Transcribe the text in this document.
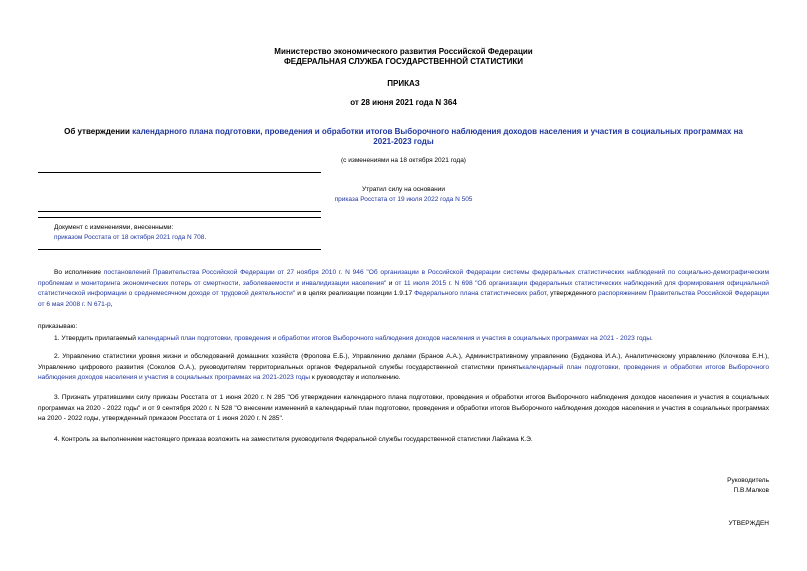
Министерство экономического развития Российской Федерации
ФЕДЕРАЛЬНАЯ СЛУЖБА ГОСУДАРСТВЕННОЙ СТАТИСТИКИ
ПРИКАЗ
от 28 июня 2021 года N 364
Об утверждении календарного плана подготовки, проведения и обработки итогов Выборочного наблюдения доходов населения и участия в социальных программах на 2021-2023 годы
(с изменениями на 18 октября 2021 года)
Утратил силу на основании
приказа Росстата от 19 июля 2022 года N 505
Документ с изменениями, внесенными:
приказом Росстата от 18 октября 2021 года N 708.
Во исполнение постановлений Правительства Российской Федерации от 27 ноября 2010 г. N 946 "Об организации в Российской Федерации системы федеральных статистических наблюдений по социально-демографическим проблемам и мониторинга экономических потерь от смертности, заболеваемости и инвалидизации населения" и от 11 июля 2015 г. N 698 "Об организации федеральных статистических наблюдений для формирования официальной статистической информации о среднемесячном доходе от трудовой деятельности" и в целях реализации позиции 1.9.17 Федерального плана статистических работ, утвержденного распоряжением Правительства Российской Федерации от 6 мая 2008 г. N 671-р,
приказываю:
1. Утвердить прилагаемый календарный план подготовки, проведения и обработки итогов Выборочного наблюдения доходов населения и участия в социальных программах на 2021 - 2023 годы.
2. Управлению статистики уровня жизни и обследований домашних хозяйств (Фролова Е.Б.), Управлению делами (Бранов А.А.), Административному управлению (Буданова И.А.), Аналитическому управлению (Клочкова Е.Н.), Управлению цифрового развития (Соколов О.А.), руководителям территориальных органов Федеральной службы государственной статистики принятькалендарный план подготовки, проведения и обработки итогов Выборочного наблюдения доходов населения и участия в социальных программах на 2021-2023 годы к руководству и исполнению.
3. Признать утратившими силу приказы Росстата от 1 июня 2020 г. N 285 "Об утверждении календарного плана подготовки, проведения и обработки итогов Выборочного наблюдения доходов населения и участия в социальных программах на 2020 - 2022 годы" и от 9 сентября 2020 г. N 528 "О внесении изменений в календарный план подготовки, проведения и обработки итогов Выборочного наблюдения доходов населения и участия в социальных программах на 2020 - 2022 годы, утвержденный приказом Росстата от 1 июня 2020 г. N 285".
4. Контроль за выполнением настоящего приказа возложить на заместителя руководителя Федеральной службы государственной статистики Лайкама К.Э.
Руководитель
П.В.Малков
УТВЕРЖДЕН
